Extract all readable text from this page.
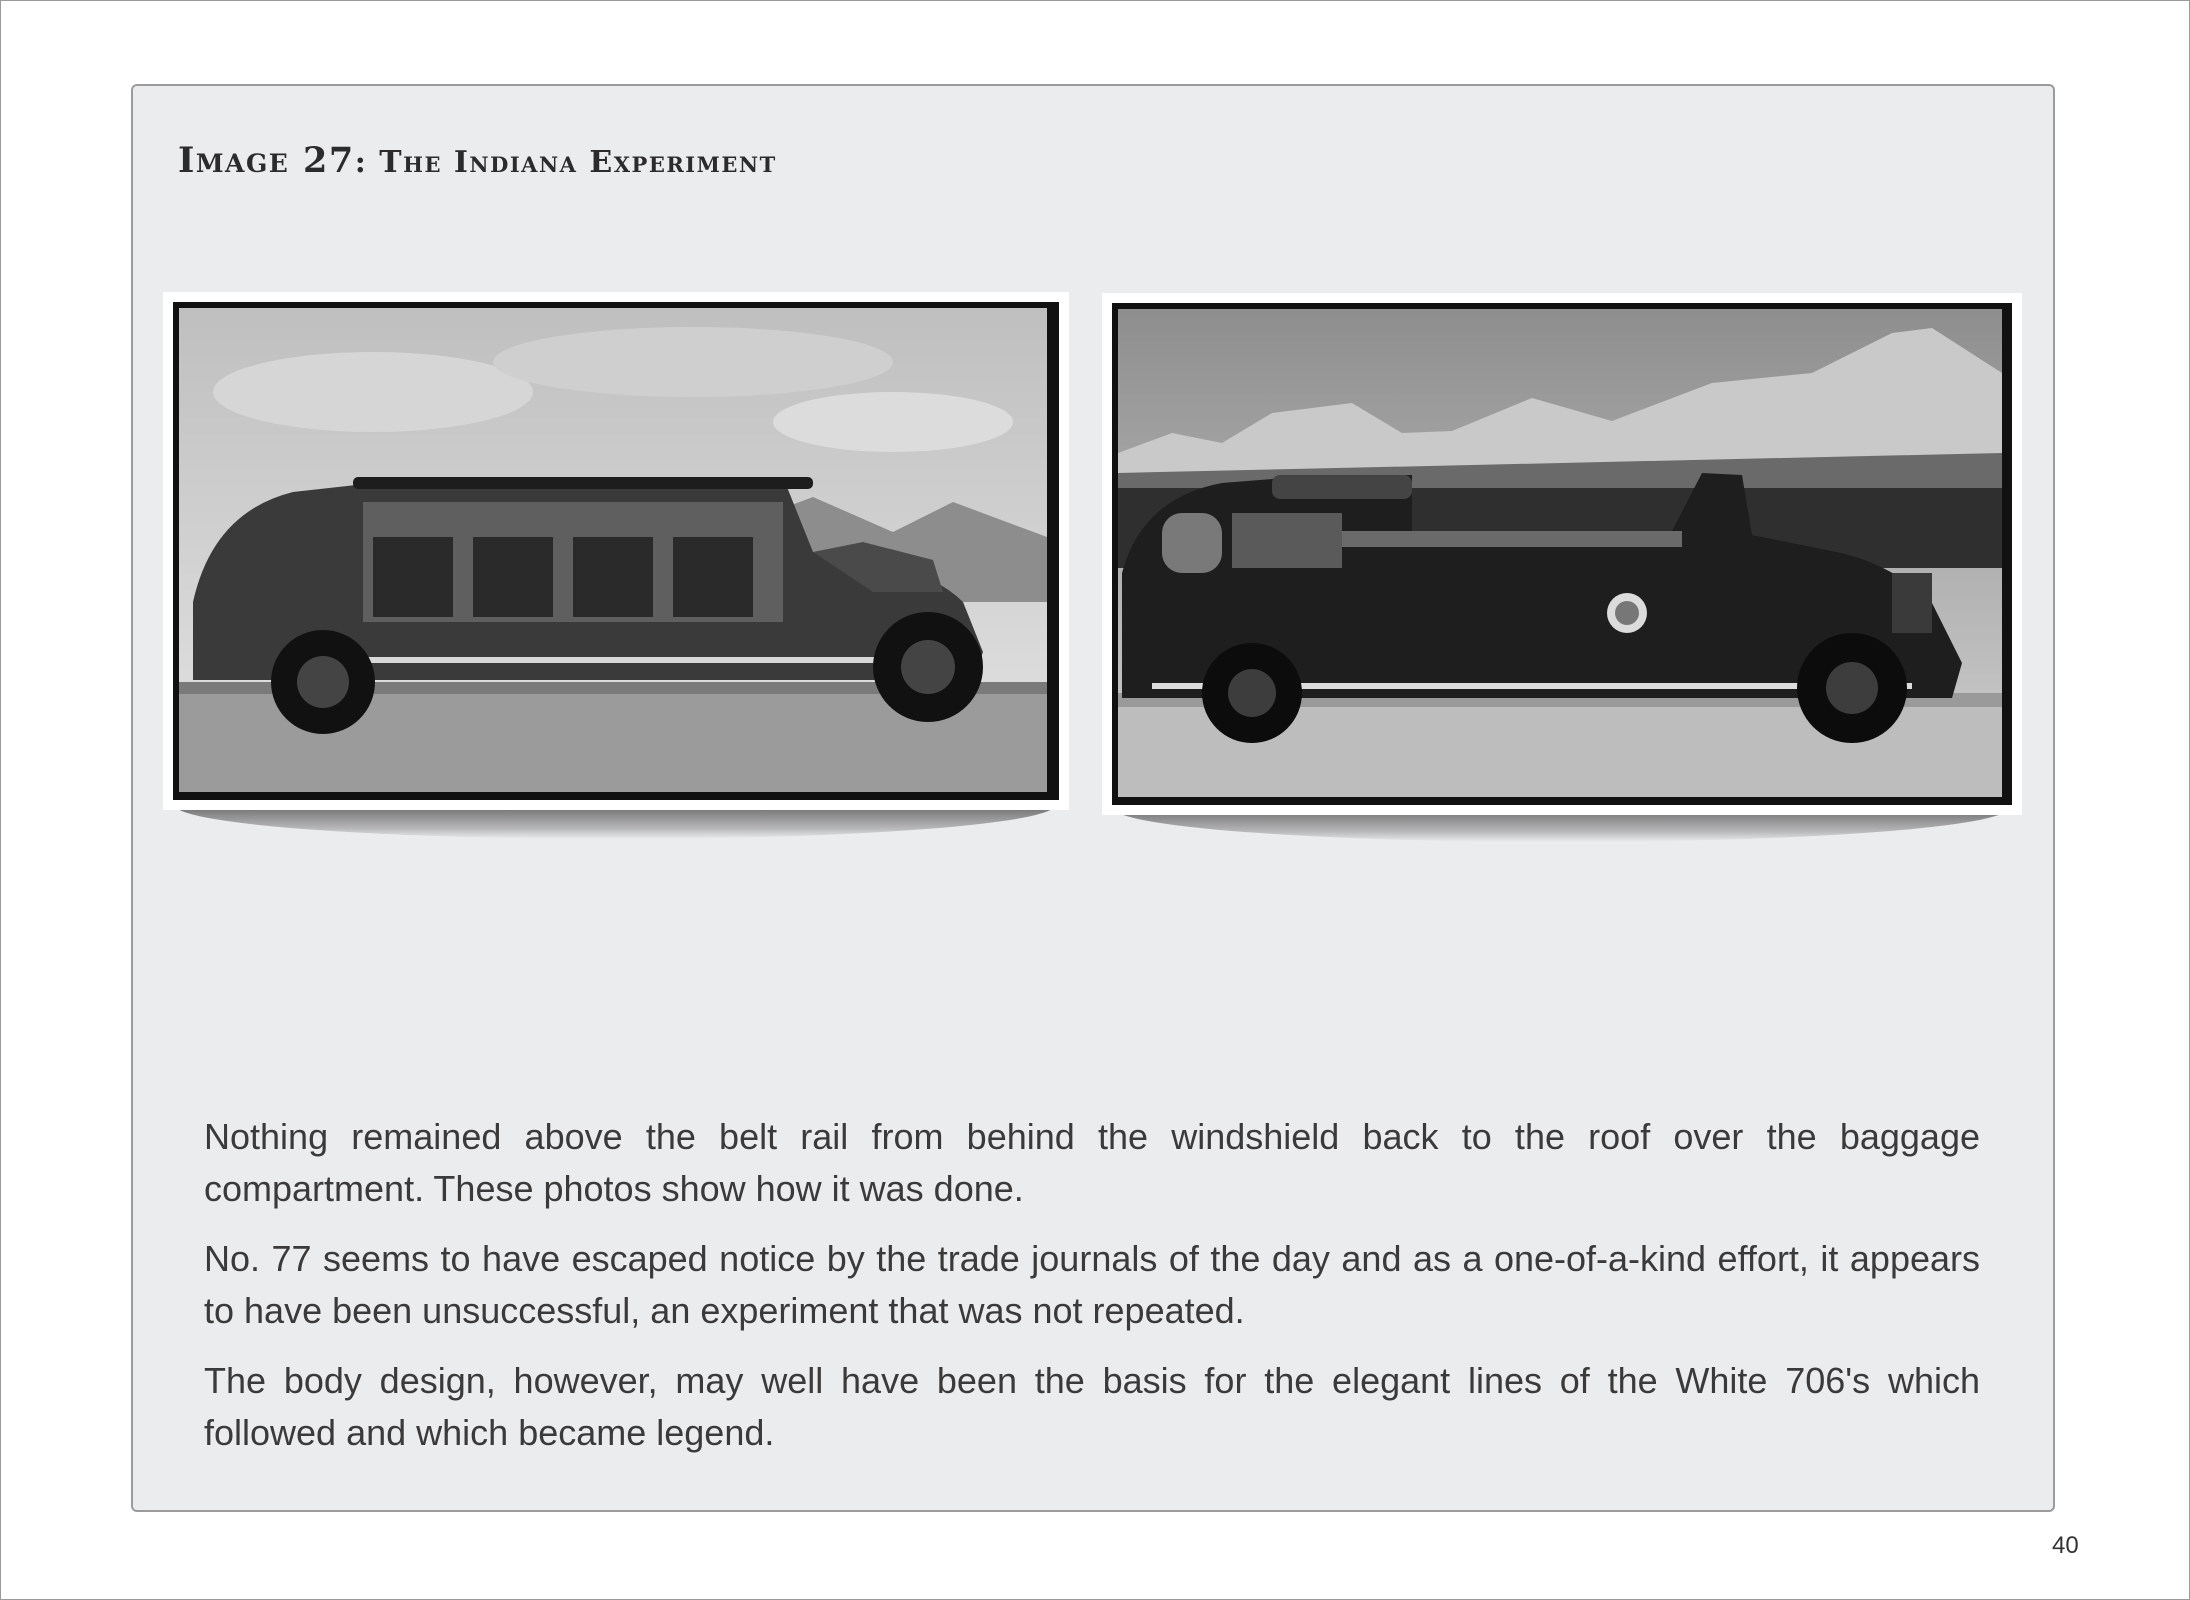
Image 27: The Indiana Experiment

Nothing remained above the belt rail from behind the windshield back to the roof over the baggage compartment. These photos show how it was done.

No. 77 seems to have escaped notice by the trade journals of the day and as a one-of-a-kind effort, it appears to have been unsuccessful, an experiment that was not repeated.

The body design, however, may well have been the basis for the elegant lines of the White 706's which followed and which became legend.

40
